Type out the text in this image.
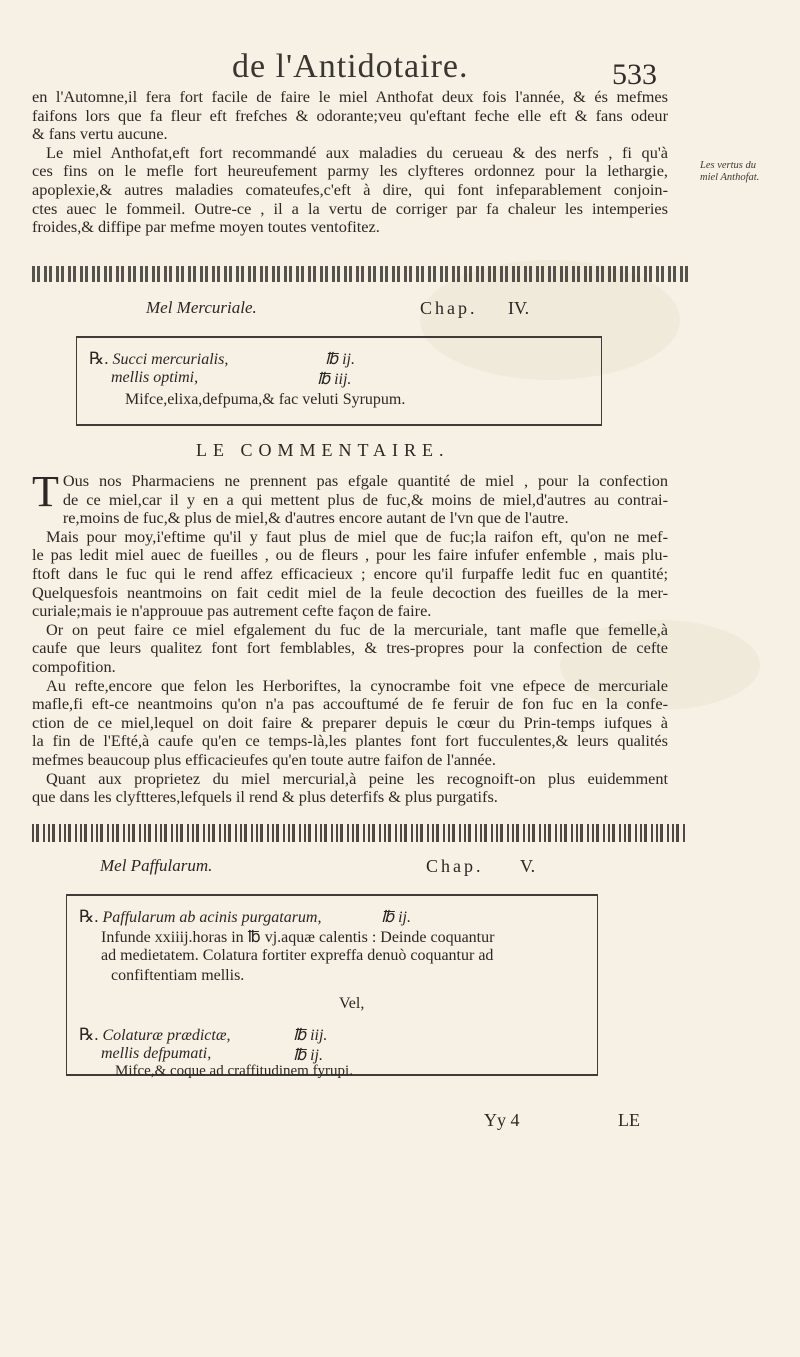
de l'Antidotaire.	533
Les vertus du
miel Anthofat.
en l'Automne,il fera fort facile de faire le miel Anthofat deux fois l'année, & és mefmes
faifons lors que fa fleur eft frefches & odorante;veu qu'eftant feche elle eft & fans odeur
& fans vertu aucune.
Le miel Anthofat,eft fort recommandé aux maladies du cerueau & des nerfs , fi qu'à
ces fins on le mefle fort heureufement parmy les clyfteres ordonnez pour la lethargie,
apoplexie,& autres maladies comateufes,c'eft à dire, qui font infeparablement conjoin-
ctes auec le fommeil. Outre-ce , il a la vertu de corriger par fa chaleur les intemperies
froides,& diffipe par mefme moyen toutes ventofitez.
Mel Mercuriale.	Chap. IV.
℞. Succi mercurialis,	℔ ij.
mellis optimi,	℔ iij.
Mifce,elixa,defpuma,& fac veluti Syrupum.
LE COMMENTAIRE.
T Ous nos Pharmaciens ne prennent pas efgale quantité de miel , pour la confection
de ce miel,car il y en a qui mettent plus de fuc,& moins de miel,d'autres au contrai-
re,moins de fuc,& plus de miel,& d'autres encore autant de l'vn que de l'autre.
Mais pour moy,i'eftime qu'il y faut plus de miel que de fuc;la raifon eft, qu'on ne mef-
le pas ledit miel auec de fueilles , ou de fleurs , pour les faire infufer enfemble , mais plu-
ftoft dans le fuc qui le rend affez efficacieux ; encore qu'il furpaffe ledit fuc en quantité;
Quelquesfois neantmoins on fait cedit miel de la feule decoction des fueilles de la mer-
curiale;mais ie n'approuue pas autrement cefte façon de faire.
Or on peut faire ce miel efgalement du fuc de la mercuriale, tant mafle que femelle,à
caufe que leurs qualitez font fort femblables, & tres-propres pour la confection de cefte
compofition.
Au refte,encore que felon les Herboriftes, la cynocrambe foit vne efpece de mercuriale
mafle,fi eft-ce neantmoins qu'on n'a pas accouftumé de fe feruir de fon fuc en la confe-
ction de ce miel,lequel on doit faire & preparer depuis le cœur du Prin-temps iufques à
la fin de l'Efté,à caufe qu'en ce temps-là,les plantes font fort fucculentes,& leurs qualités
mefmes beaucoup plus efficacieufes qu'en toute autre faifon de l'année.
Quant aux proprietez du miel mercurial,à peine les recognoift-on plus euidemment
que dans les clyftteres,lefquels il rend & plus deterfifs & plus purgatifs.
Mel Paffularum.	Chap. V.
℞. Paffularum ab acinis purgatarum,	℔ ij.
Infunde xxiiij.horas in ℔ vj.aquæ calentis : Deinde coquantur
ad medietatem. Colatura fortiter expreffa denuò coquantur ad
confiftentiam mellis.
Vel,
℞. Colaturæ prædictæ,	℔ iij.
mellis defpumati,	℔ ij.
Mifce,& coque ad craffitudinem fyrupi.
Yy 4	LE
